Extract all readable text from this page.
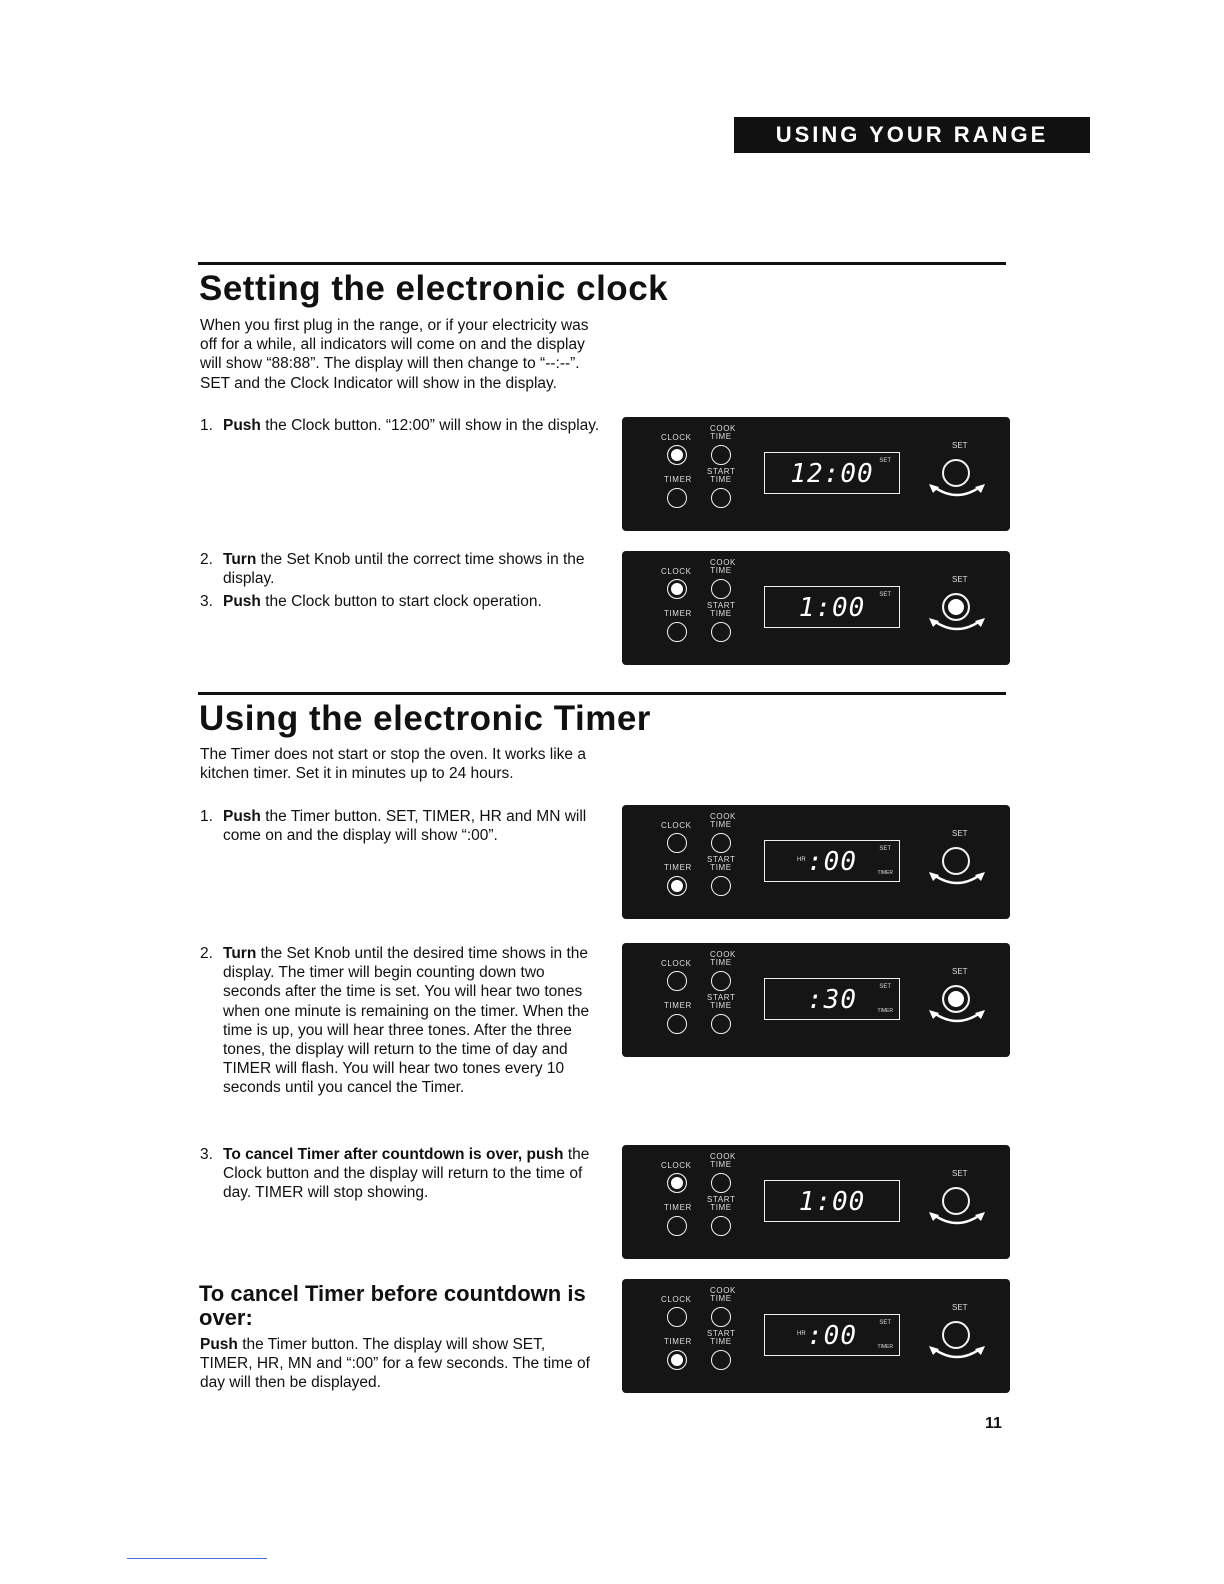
USING YOUR RANGE
Setting the electronic clock

When you first plug in the range, or if your electricity was off for a while, all indicators will come on and the display will show “88:88”. The display will then change to “--:--”. SET and the Clock Indicator will show in the display.

1. Push the Clock button. “12:00” will show in the display.
2. Turn the Set Knob until the correct time shows in the display.
3. Push the Clock button to start clock operation.
Using the electronic Timer

The Timer does not start or stop the oven. It works like a kitchen timer. Set it in minutes up to 24 hours.

1. Push the Timer button. SET, TIMER, HR and MN will come on and the display will show “:00”.
2. Turn the Set Knob until the desired time shows in the display. The timer will begin counting down two seconds after the time is set. You will hear two tones when one minute is remaining on the timer. When the time is up, you will hear three tones. After the three tones, the display will return to the time of day and TIMER will flash. You will hear two tones every 10 seconds until you cancel the Timer.
3. To cancel Timer after countdown is over, push the Clock button and the display will return to the time of day. TIMER will stop showing.
To cancel Timer before countdown is over:

Push the Timer button. The display will show SET, TIMER, HR, MN and “:00” for a few seconds. The time of day will then be displayed.

CLOCK
COOK TIME
TIMER
START TIME	12:00 SET
SET
CLOCK
COOK TIME
TIMER
START TIME	1:00	SET
SET
CLOCK
COOK TIME
TIMER
START TIME
HR :00	SET
TIMER
SET
CLOCK
COOK TIME
TIMER
START TIME	:30	SET
TIMER
SET
CLOCK
COOK TIME
TIMER
START TIME	1:00
SET
CLOCK
COOK TIME
TIMER
START TIME
HR :00	SET
TIMER
SET
11
